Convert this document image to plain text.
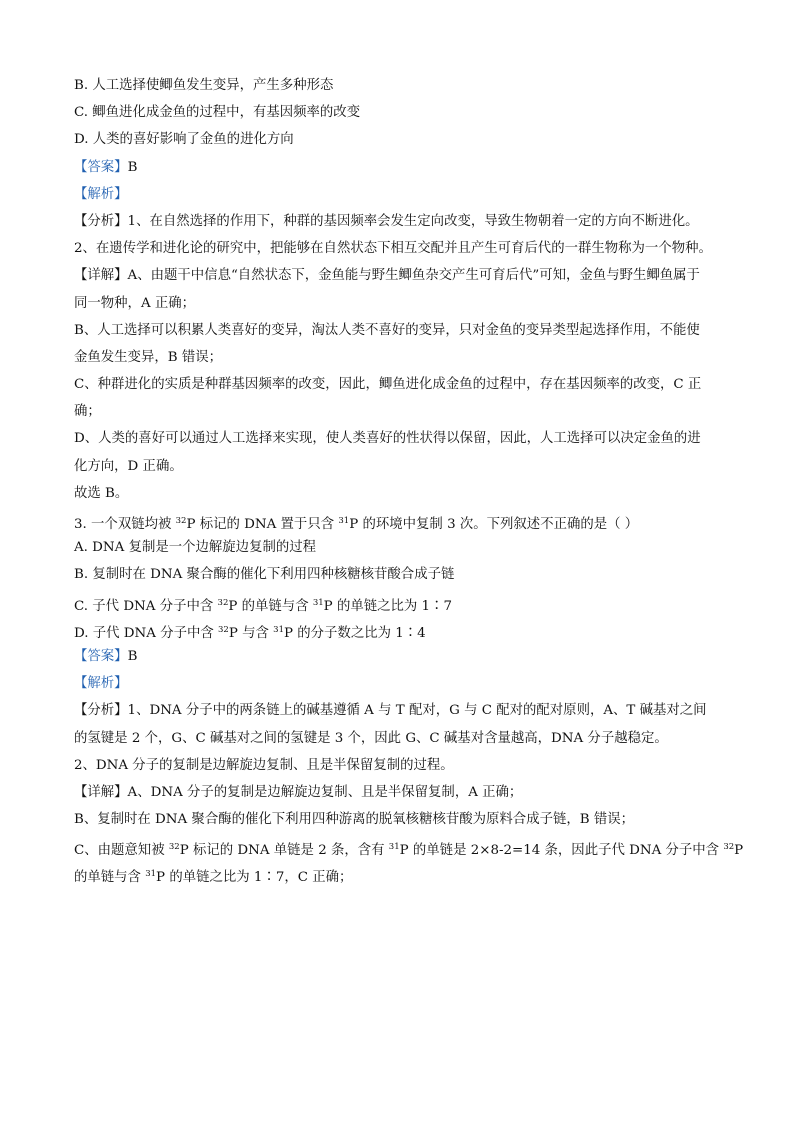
B. 人工选择使鲫鱼发生变异，产生多种形态
C. 鲫鱼进化成金鱼的过程中，有基因频率的改变
D. 人类的喜好影响了金鱼的进化方向
【答案】B
【解析】
【分析】1、在自然选择的作用下，种群的基因频率会发生定向改变，导致生物朝着一定的方向不断进化。
2、在遗传学和进化论的研究中，把能够在自然状态下相互交配并且产生可育后代的一群生物称为一个物种。
【详解】A、由题干中信息“自然状态下，金鱼能与野生鲫鱼杂交产生可育后代”可知，金鱼与野生鲫鱼属于
同一物种，A 正确；
B、人工选择可以积累人类喜好的变异，淘汰人类不喜好的变异，只对金鱼的变异类型起选择作用，不能使
金鱼发生变异，B 错误；
C、种群进化的实质是种群基因频率的改变，因此，鲫鱼进化成金鱼的过程中，存在基因频率的改变，C 正
确；
D、人类的喜好可以通过人工选择来实现，使人类喜好的性状得以保留，因此，人工选择可以决定金鱼的进
化方向，D 正确。
故选 B。
3. 一个双链均被 $^{32}$P 标记的 DNA 置于只含 $^{31}$P 的环境中复制 3 次。下列叙述不正确的是（ ）
A. DNA 复制是一个边解旋边复制的过程
B. 复制时在 DNA 聚合酶的催化下利用四种核糖核苷酸合成子链
C. 子代 DNA 分子中含 $^{32}$P 的单链与含 $^{31}$P 的单链之比为 1∶7
D. 子代 DNA 分子中含 $^{32}$P 与含 $^{31}$P 的分子数之比为 1∶4
【答案】B
【解析】
【分析】1、DNA 分子中的两条链上的碱基遵循 A 与 T 配对，G 与 C 配对的配对原则，A、T 碱基对之间
的氢键是 2 个，G、C 碱基对之间的氢键是 3 个，因此 G、C 碱基对含量越高，DNA 分子越稳定。
2、DNA 分子的复制是边解旋边复制、且是半保留复制的过程。
【详解】A、DNA 分子的复制是边解旋边复制、且是半保留复制，A 正确；
B、复制时在 DNA 聚合酶的催化下利用四种游离的脱氧核糖核苷酸为原料合成子链，B 错误；
C、由题意知被 $^{32}$P 标记的 DNA 单链是 2 条，含有 $^{31}$P 的单链是 2×8-2=14 条，因此子代 DNA 分子中含 $^{32}$P
的单链与含 $^{31}$P 的单链之比为 1∶7，C 正确；
